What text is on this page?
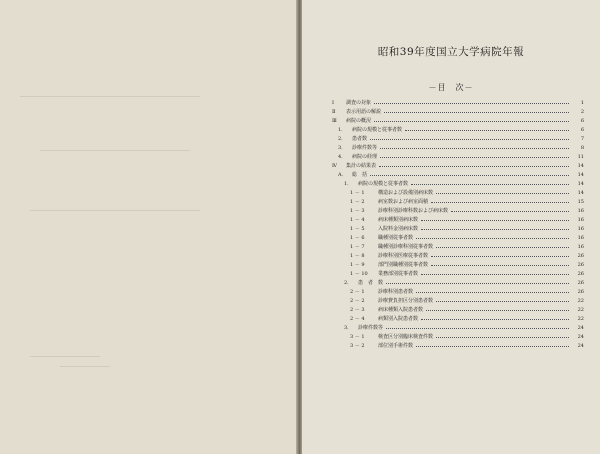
昭和39年度国立大学病院年報
－目　次－
Ⅰ	調査の対象	1
Ⅱ	表示用語の解説	2
Ⅲ	病院の概況	6
1． 病院の規模と従事者数	6
2． 患者数	7
3． 診療件数等	8
4． 病院の経理	11
Ⅳ	集計の結果表	14
A． 総　括	14
1． 病院の規模と従事者数	14
1 － 1	構造および設備別病床数	14
1 － 2	病室数および病室面積	15
1 － 3	診療科別診療科数および病床数	16
1 － 4	病床種類別病床数	16
1 － 5	入院料金別病床数	16
1 － 6	職種別従事者数	16
1 － 7	職種別診療科別従事者数	16
1 － 8	診療科別医療従事者数	26
1 － 9	部門別職種別従事者数	26
1 － 10	業務部別従事者数	26
2． 患　者　数	26
2 － 1	診療科別患者数	26
2 － 2	診療費負担区分別患者数	22
2 － 3	病床種類入院患者数	22
2 － 4	病類別入院患者数	22
3． 診療件数等	24
3 － 1	検査区分別臨床検査件数	24
3 － 2	部位別手術件数	24
